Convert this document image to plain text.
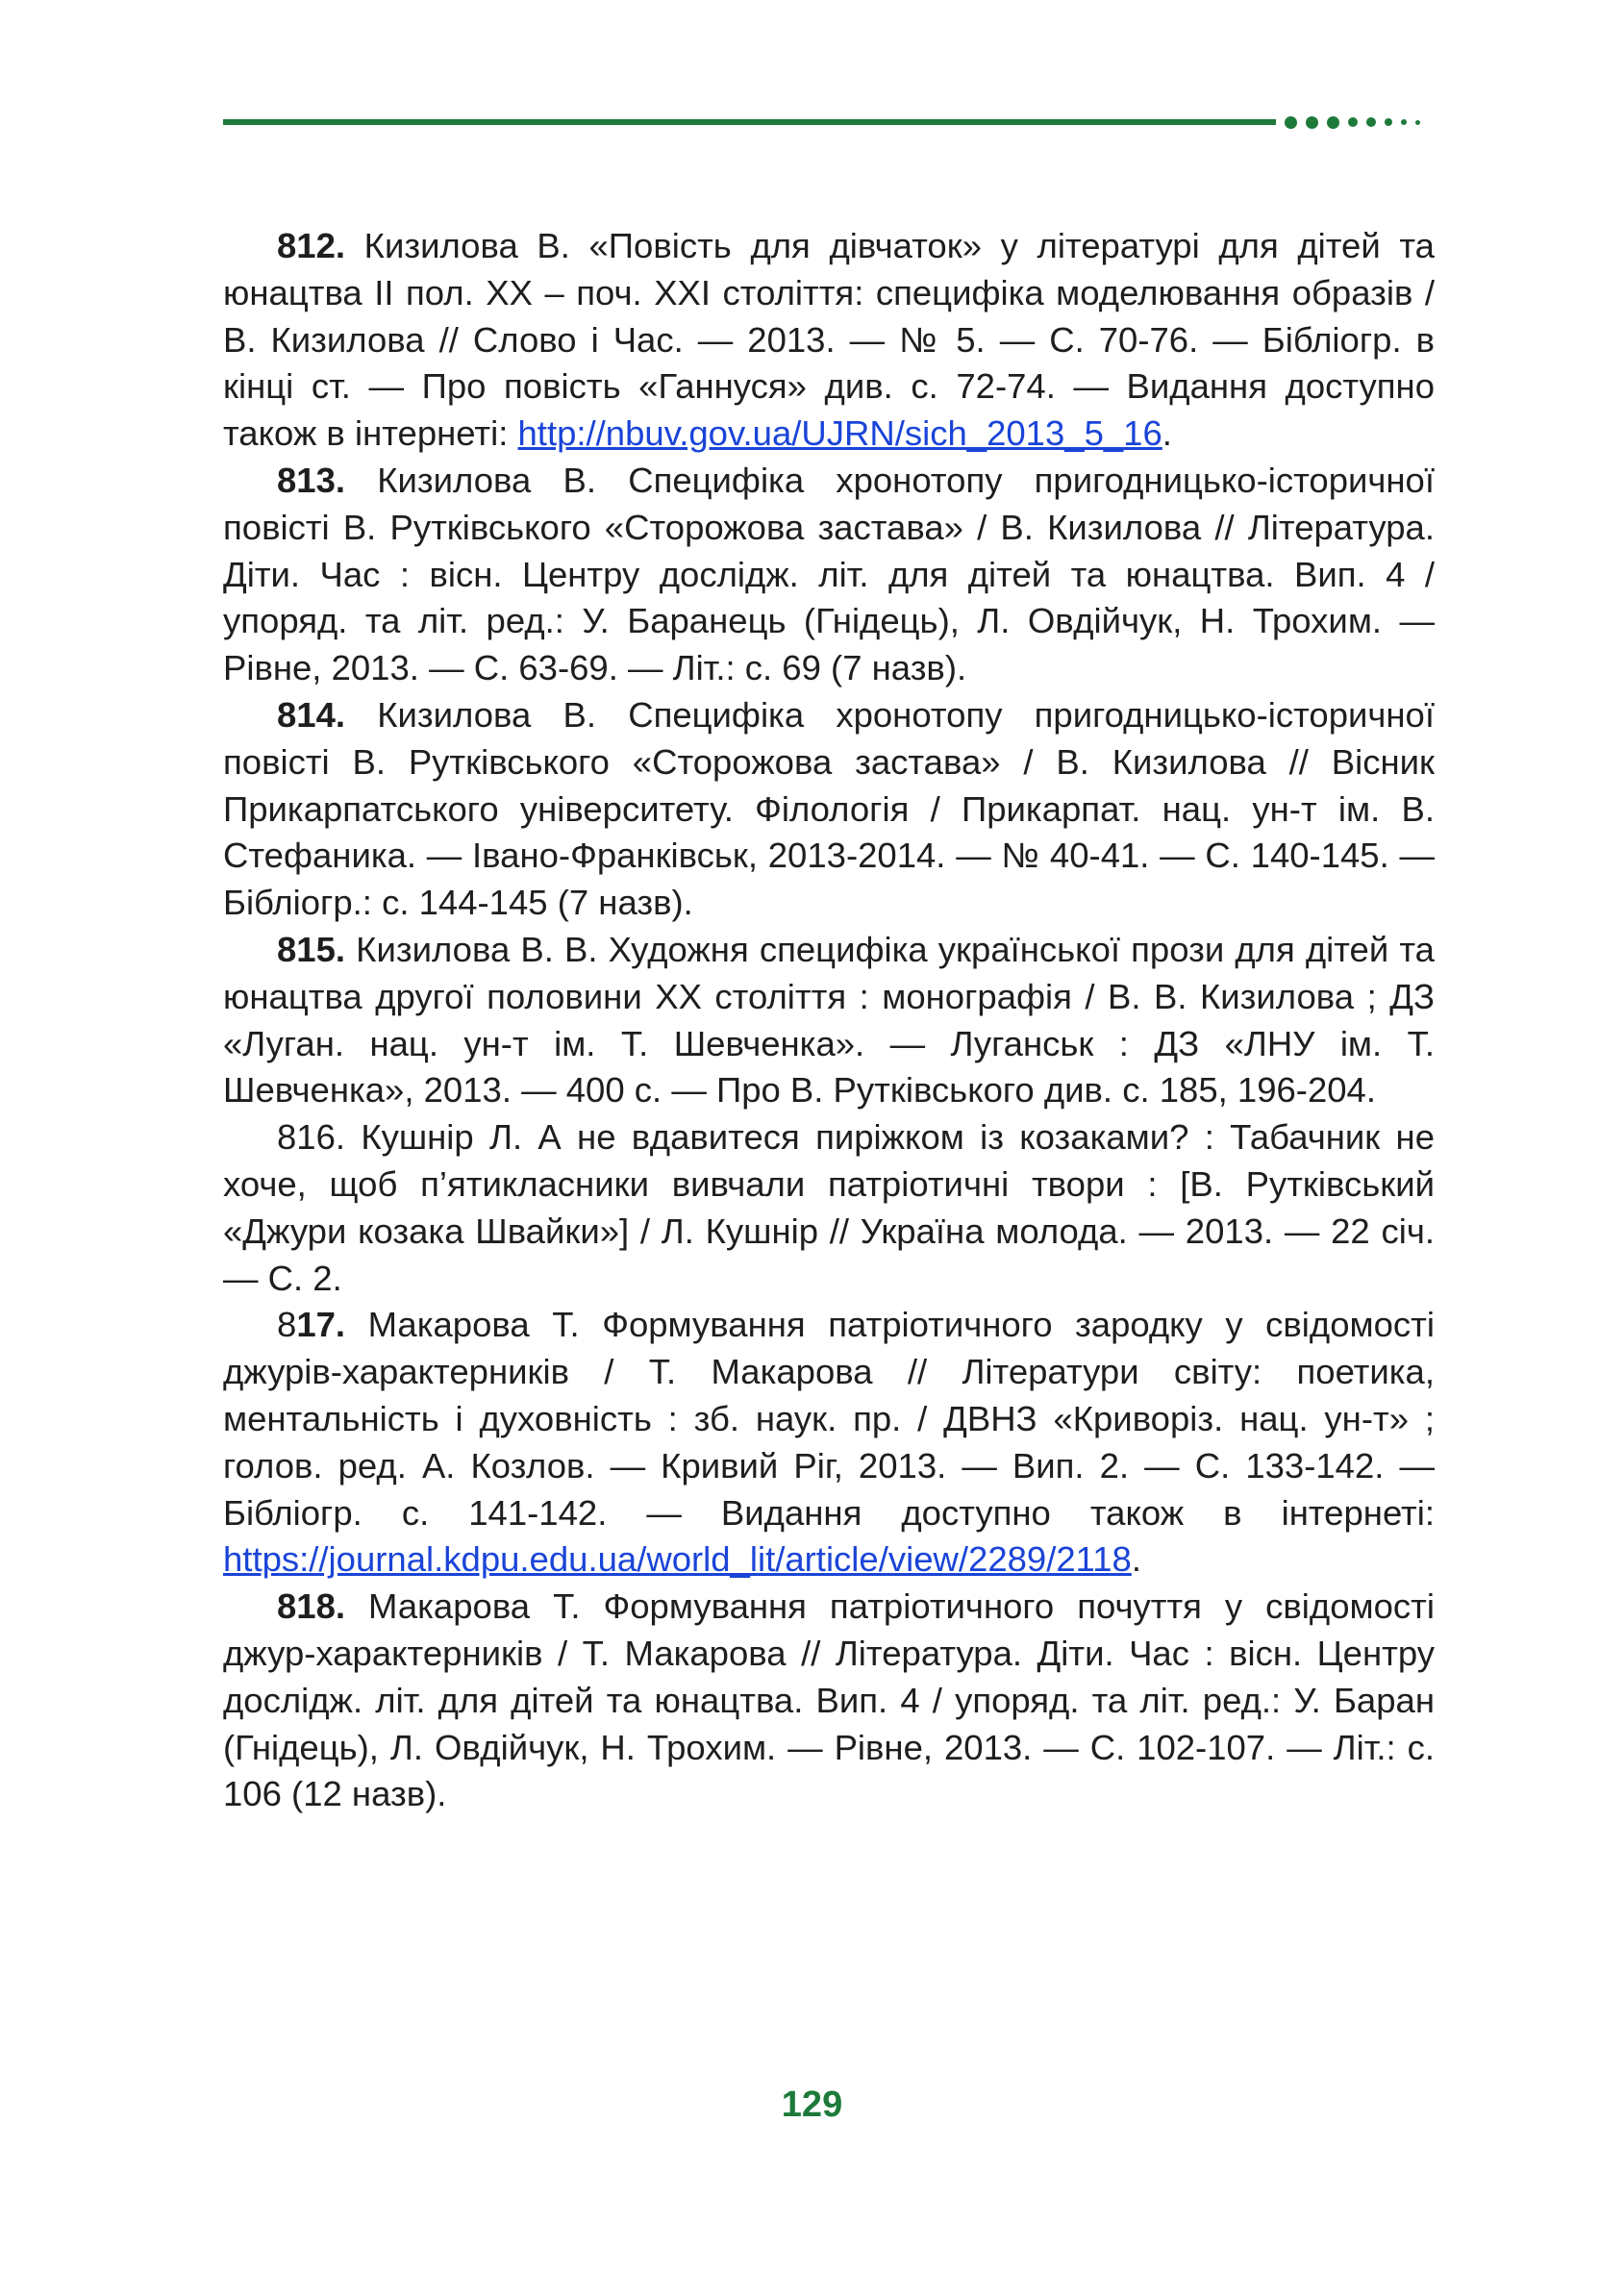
812. Кизилова В. «Повість для дівчаток» у літературі для дітей та юнацтва ІІ пол. ХХ – поч. ХХІ століття: специфіка моделювання образів / В. Кизилова // Слово і Час. — 2013. — № 5. — С. 70-76. — Бібліогр. в кінці ст. — Про повість «Ганнуся» див. с. 72-74. — Видання доступно також в інтернеті: http://nbuv.gov.ua/UJRN/sich_2013_5_16.

813. Кизилова В. Специфіка хронотопу пригодницько-історичної повісті В. Рутківського «Сторожова застава» / В. Кизилова // Література. Діти. Час : вісн. Центру дослідж. літ. для дітей та юнацтва. Вип. 4 / упоряд. та літ. ред.: У. Баранець (Гнідець), Л. Овдійчук, Н. Трохим. — Рівне, 2013. — С. 63-69. — Літ.: с. 69 (7 назв).

814. Кизилова В. Специфіка хронотопу пригодницько-історичної повісті В. Рутківського «Сторожова застава» / В. Кизилова // Вісник Прикарпатського університету. Філологія / Прикарпат. нац. ун-т ім. В. Стефаника. — Івано-Франківськ, 2013-2014. — № 40-41. — С. 140-145. — Бібліогр.: с. 144-145 (7 назв).

815. Кизилова В. В. Художня специфіка української прози для дітей та юнацтва другої половини ХХ століття : монографія / В. В. Кизилова ; ДЗ «Луган. нац. ун-т ім. Т. Шевченка». — Луганськ : ДЗ «ЛНУ ім. Т. Шевченка», 2013. — 400 с. — Про В. Рутківського див. с. 185, 196-204.

816. Кушнір Л. А не вдавитеся пиріжком із козаками? : Табачник не хоче, щоб п’ятикласники вивчали патріотичні твори : [В. Рутківський «Джури козака Швайки»] / Л. Кушнір // Україна молода. — 2013. — 22 січ. — С. 2.

817. Макарова Т. Формування патріотичного зародку у свідомості джурів-характерників / Т. Макарова // Літератури світу: поетика, ментальність і духовність : зб. наук. пр. / ДВНЗ «Криворіз. нац. ун-т» ; голов. ред. А. Козлов. — Кривий Ріг, 2013. — Вип. 2. — С. 133-142. — Бібліогр. с. 141-142. — Видання доступно також в інтернеті: https://journal.kdpu.edu.ua/world_lit/article/view/2289/2118.

818. Макарова Т. Формування патріотичного почуття у свідомості джур-характерників / Т. Макарова // Література. Діти. Час : вісн. Центру дослідж. літ. для дітей та юнацтва. Вип. 4 / упоряд. та літ. ред.: У. Баран (Гнідець), Л. Овдійчук, Н. Трохим. — Рівне, 2013. — С. 102-107. — Літ.: с. 106 (12 назв).

129
